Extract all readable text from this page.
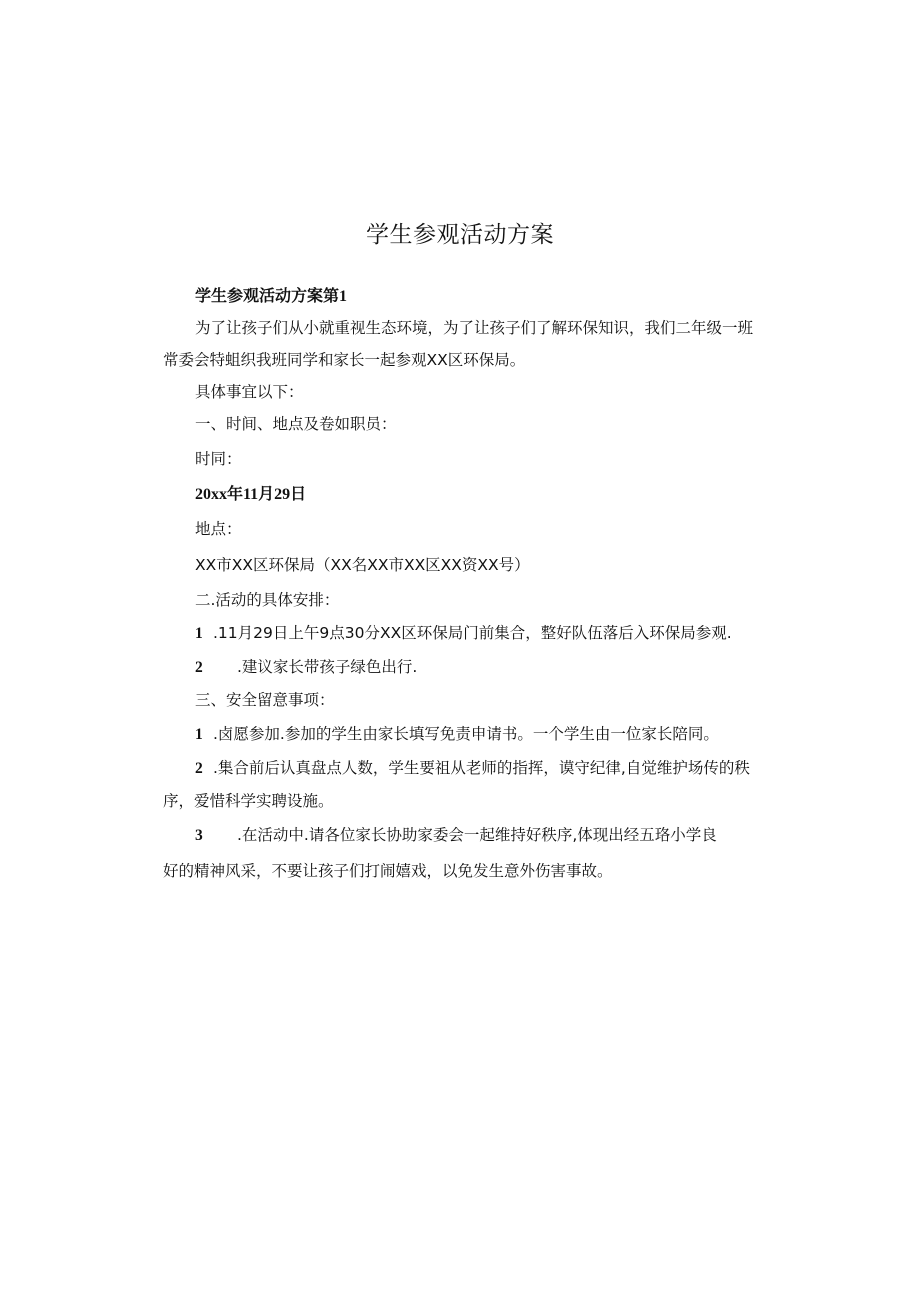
学生参观活动方案
学生参观活动方案第1
为了让孩子们从小就重视生态环境，为了让孩子们了解环保知识，我们二年级一班
常委会特蛆织我班同学和家长一起参观XX区环保局。
具体事宜以下：
一、时间、地点及卷如职员：
时同：
20xx年11月29日
地点：
XX市XX区环保局（XX名XX市XX区XX资XX号）
二.活动的具体安排：
1 .11月29日上午9点30分XX区环保局门前集合，整好队伍落后入环保局参观.
2 .建议家长带孩子绿色出行.
三、安全留意事项：
1 .卤愿参加.参加的学生由家长填写免责申请书。一个学生由一位家长陪同。
2 .集合前后认真盘点人数，学生要祖从老师的指挥，谟守纪律,自觉维护场传的秩
序，爱惜科学实聘设施。
3 .在活动中.请各位家长协助家委会一起维持好秩序,体现出经五珞小学良
好的精神风采，不要让孩子们打闹嬉戏，以免发生意外伤害事故。
